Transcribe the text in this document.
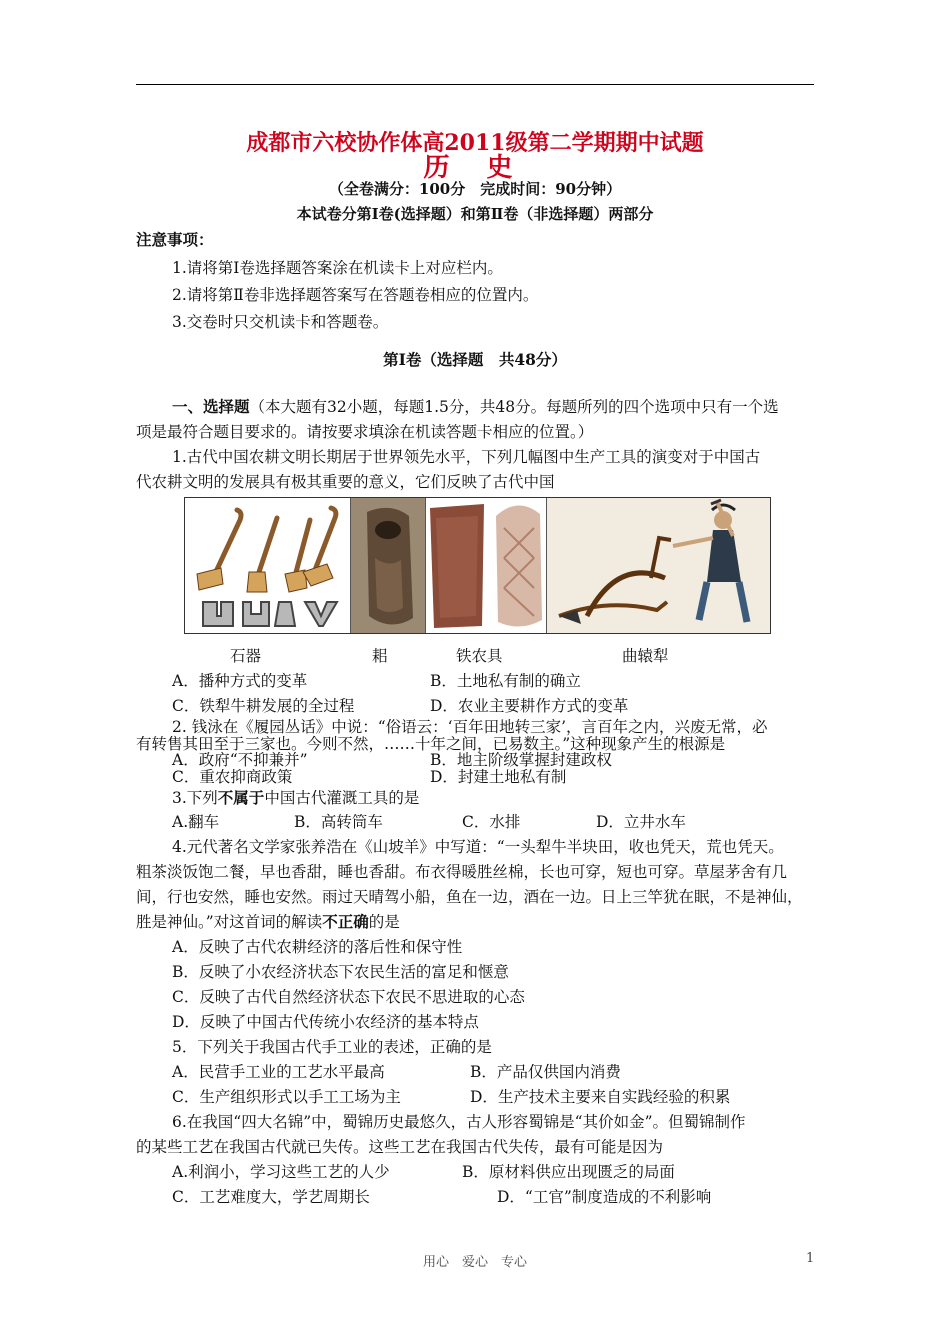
成都市六校协作体高2011级第二学期期中试题
历 史
（全卷满分：100分　完成时间：90分钟）
本试卷分第Ⅰ卷(选择题）和第Ⅱ卷（非选择题）两部分
注意事项：
1.请将第Ⅰ卷选择题答案涂在机读卡上对应栏内。
2.请将第Ⅱ卷非选择题答案写在答题卷相应的位置内。
3.交卷时只交机读卡和答题卷。
第Ⅰ卷（选择题　共48分）
一、选择题（本大题有32小题，每题1.5分，共48分。每题所列的四个选项中只有一个选
项是最符合题目要求的。请按要求填涂在机读答题卡相应的位置。）
1.古代中国农耕文明长期居于世界领先水平，下列几幅图中生产工具的演变对于中国古
代农耕文明的发展具有极其重要的意义，它们反映了古代中国
石器	耜	铁农具	曲辕犁
A．播种方式的变革	B．土地私有制的确立
C．铁犁牛耕发展的全过程	D．农业主要耕作方式的变革
2. 钱泳在《履园丛话》中说：“俗语云：‘百年田地转三家’，言百年之内，兴废无常，必
有转售其田至于三家也。今则不然，……十年之间，已易数主。”这种现象产生的根源是
A．政府“不抑兼并”	B．地主阶级掌握封建政权
C．重农抑商政策	D．封建土地私有制
3.下列不属于中国古代灌溉工具的是
A.翻车	B．高转筒车	C．水排	D．立井水车
4.元代著名文学家张养浩在《山坡羊》中写道：“一头犁牛半块田，收也凭天，荒也凭天。
粗茶淡饭饱二餐，早也香甜，睡也香甜。布衣得暖胜丝棉，长也可穿，短也可穿。草屋茅舍有几
间，行也安然，睡也安然。雨过天晴驾小船，鱼在一边，酒在一边。日上三竿犹在眠，不是神仙，
胜是神仙。”对这首词的解读不正确的是
A．反映了古代农耕经济的落后性和保守性
B．反映了小农经济状态下农民生活的富足和惬意
C．反映了古代自然经济状态下农民不思进取的心态
D．反映了中国古代传统小农经济的基本特点
5．下列关于我国古代手工业的表述，正确的是
A．民营手工业的工艺水平最高	B．产品仅供国内消费
C．生产组织形式以手工工场为主	D．生产技术主要来自实践经验的积累
6.在我国“四大名锦”中，蜀锦历史最悠久，古人形容蜀锦是“其价如金”。但蜀锦制作
的某些工艺在我国古代就已失传。这些工艺在我国古代失传，最有可能是因为
A.利润小，学习这些工艺的人少	B．原材料供应出现匮乏的局面
C．工艺难度大，学艺周期长	D．“工官”制度造成的不利影响
用心　爱心　专心	1
